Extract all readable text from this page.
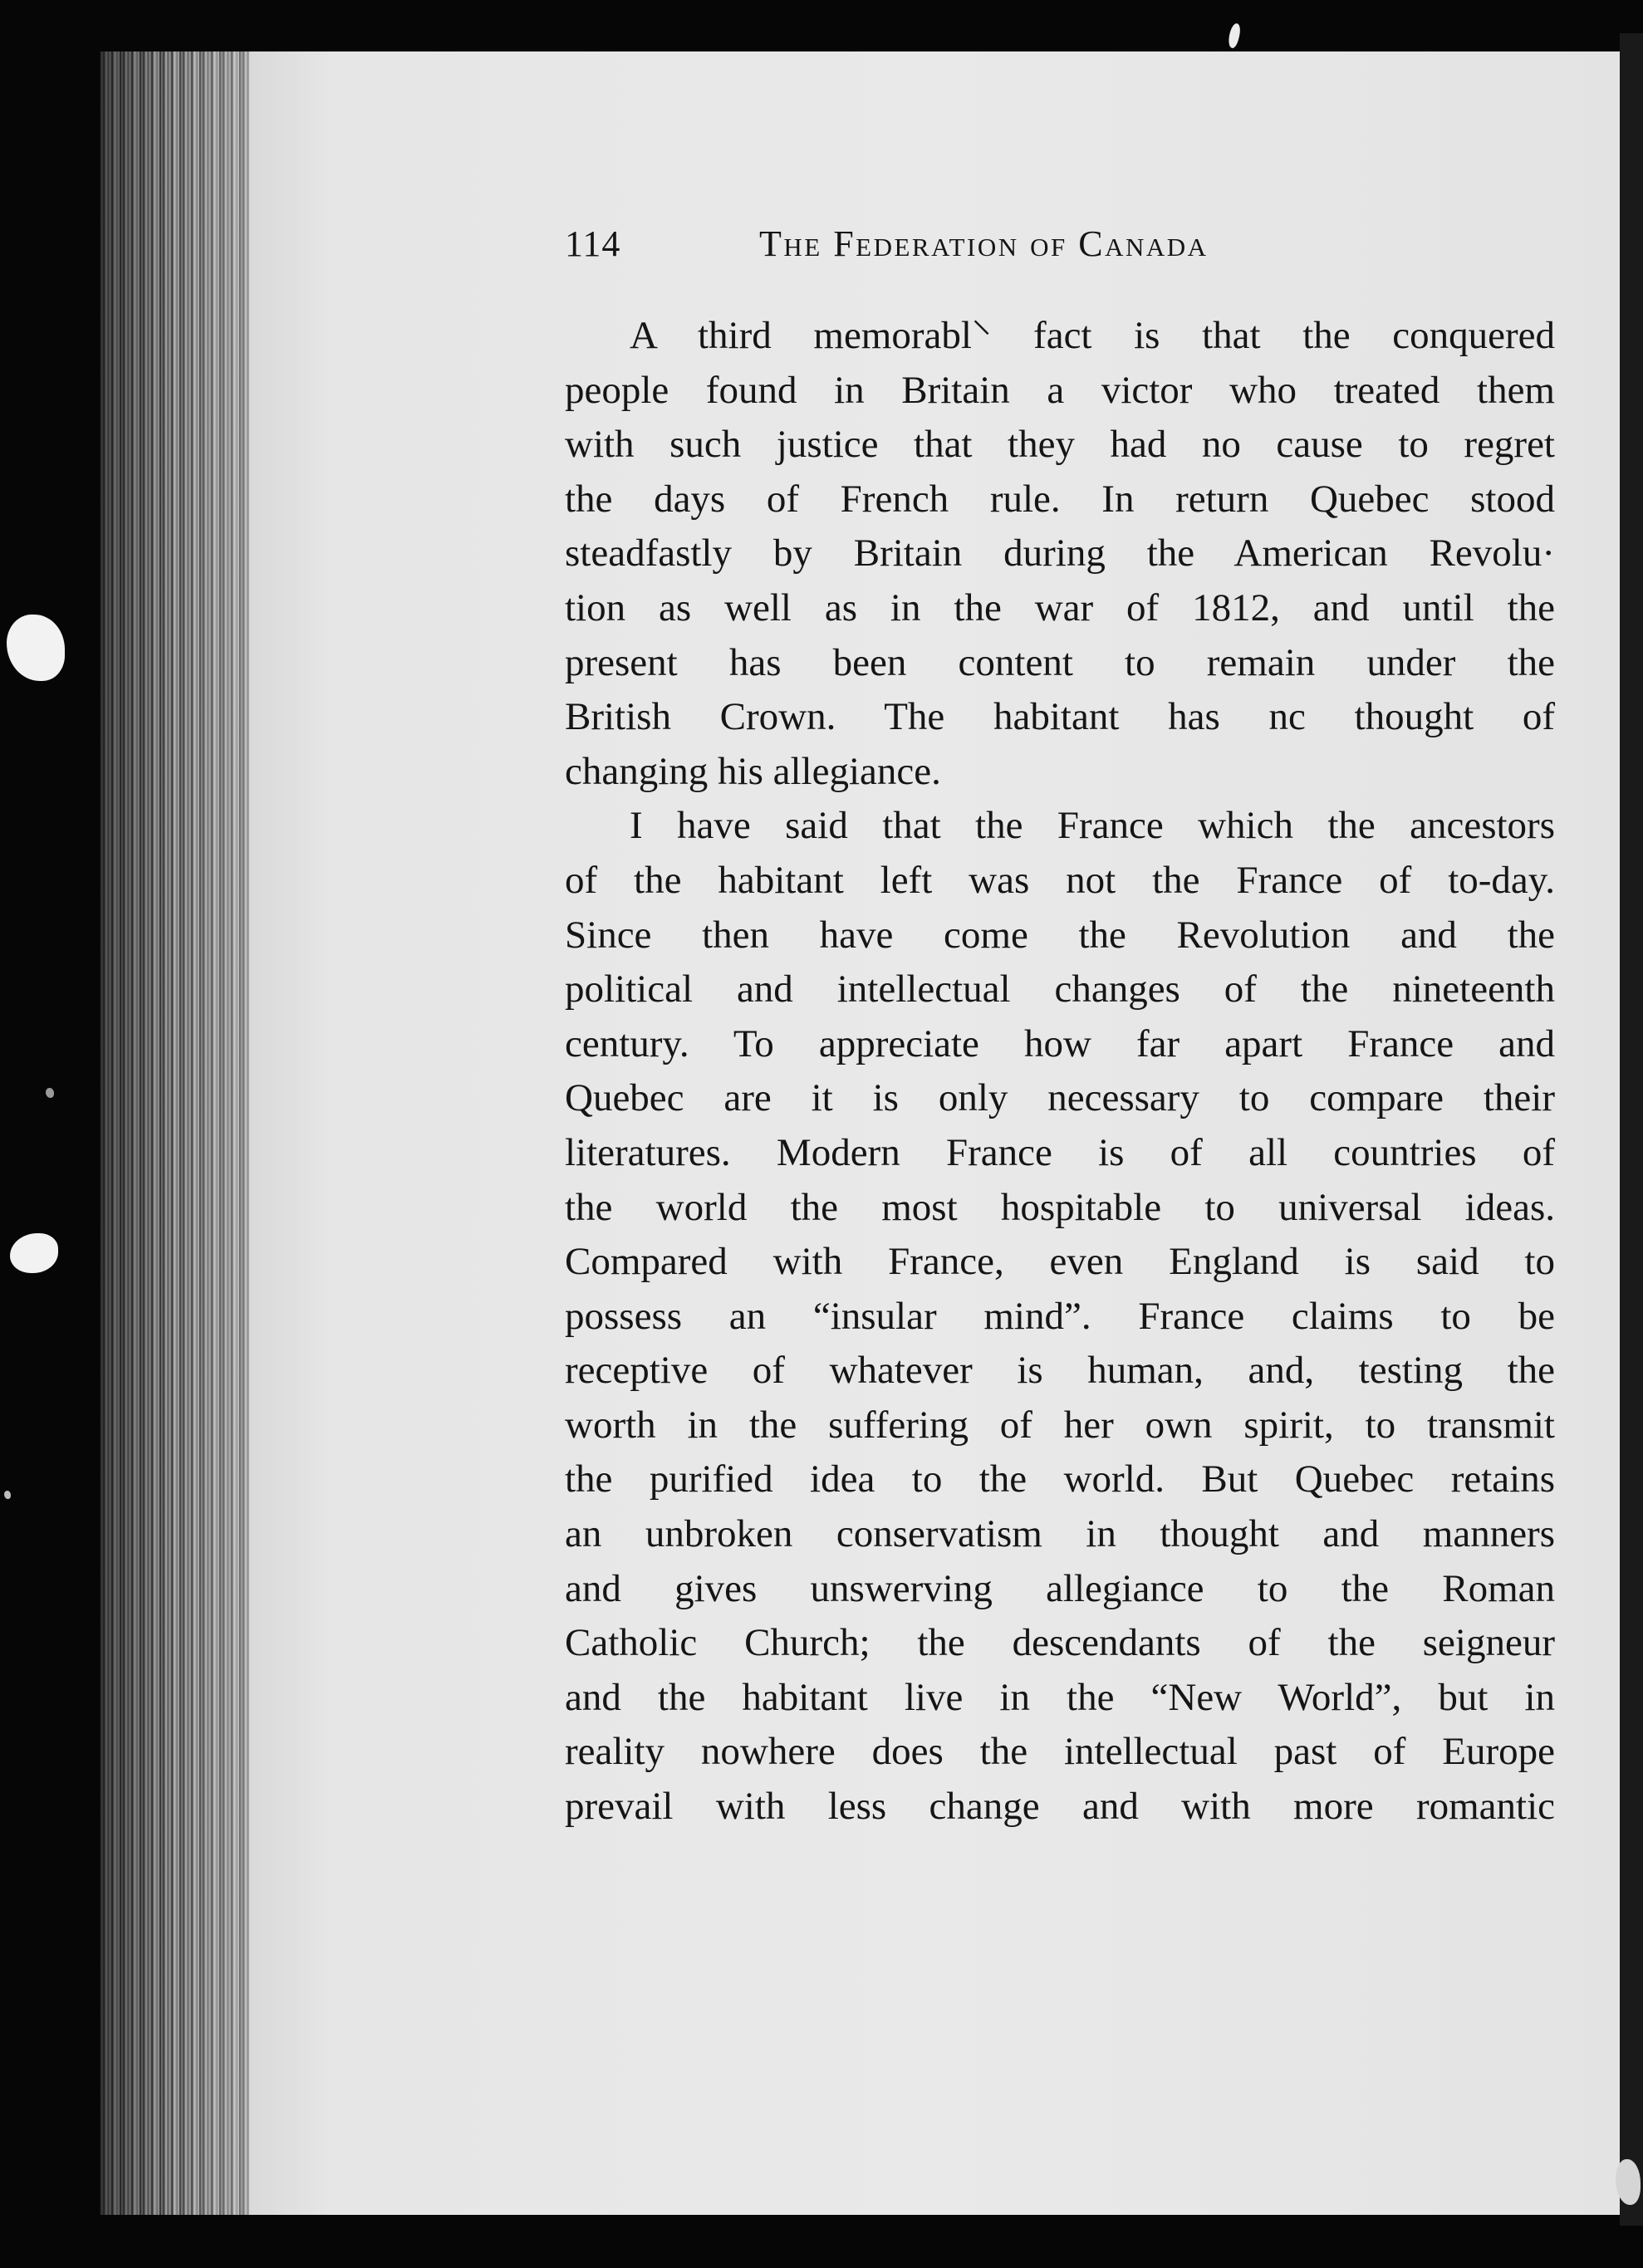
114	The Federation of Canada
A third memorabl⸌ fact is that the conquered
people found in Britain a victor who treated them
with such justice that they had no cause to regret
the days of French rule. In return Quebec stood
steadfastly by Britain during the American Revolu·
tion as well as in the war of 1812, and until the
present has been content to remain under the
British Crown. The habitant has nc thought of
changing his allegiance.
I have said that the France which the ancestors
of the habitant left was not the France of to-day.
Since then have come the Revolution and the
political and intellectual changes of the nineteenth
century. To appreciate how far apart France and
Quebec are it is only necessary to compare their
literatures. Modern France is of all countries of
the world the most hospitable to universal ideas.
Compared with France, even England is said to
possess an “insular mind”. France claims to be
receptive of whatever is human, and, testing the
worth in the suffering of her own spirit, to transmit
the purified idea to the world. But Quebec retains
an unbroken conservatism in thought and manners
and gives unswerving allegiance to the Roman
Catholic Church; the descendants of the seigneur
and the habitant live in the “New World”, but in
reality nowhere does the intellectual past of Europe
prevail with less change and with more romantic
